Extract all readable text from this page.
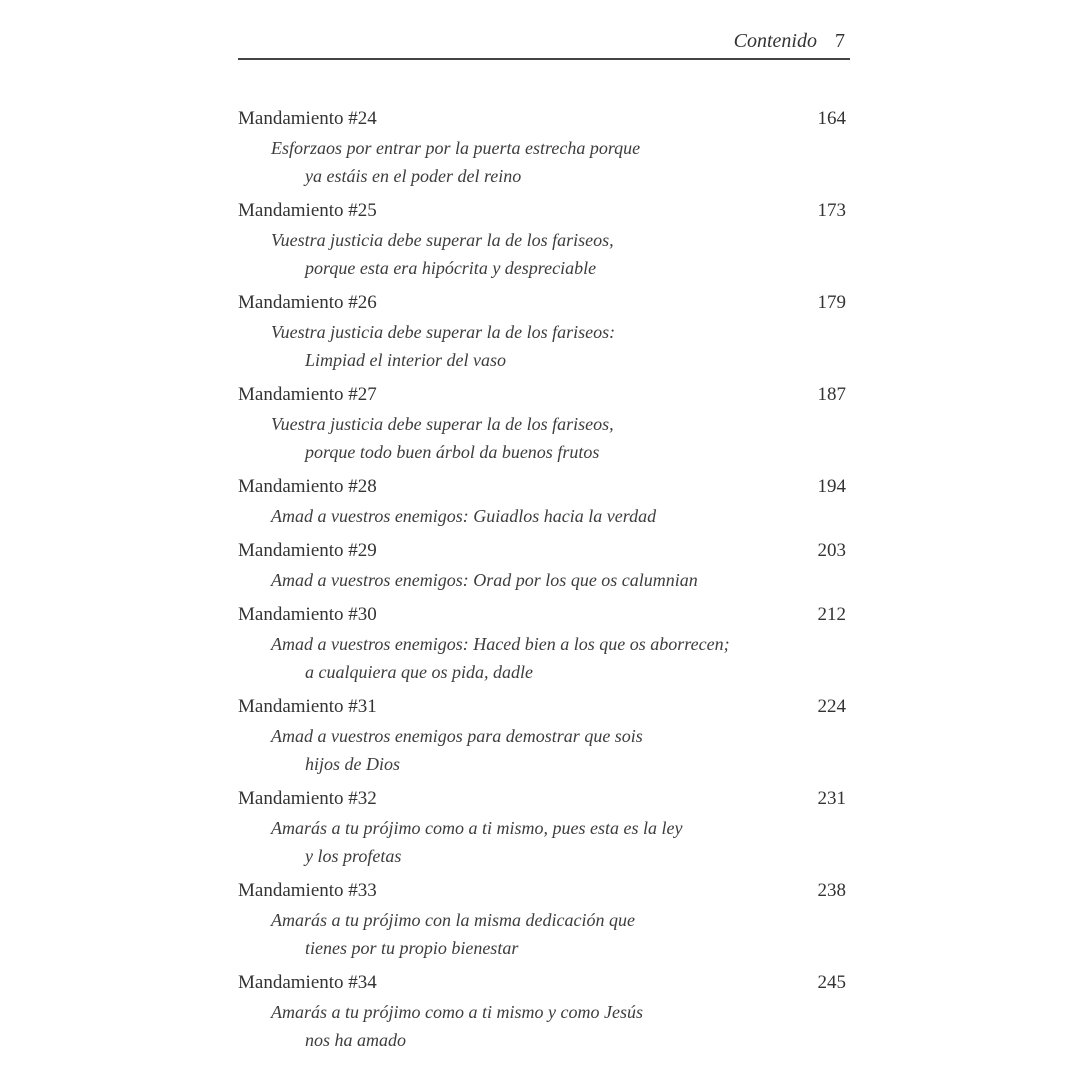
Contenido 7
Mandamiento #24	164
Esforzaos por entrar por la puerta estrecha porque
ya estáis en el poder del reino
Mandamiento #25	173
Vuestra justicia debe superar la de los fariseos,
porque esta era hipócrita y despreciable
Mandamiento #26	179
Vuestra justicia debe superar la de los fariseos:
Limpiad el interior del vaso
Mandamiento #27	187
Vuestra justicia debe superar la de los fariseos,
porque todo buen árbol da buenos frutos
Mandamiento #28	194
Amad a vuestros enemigos: Guiadlos hacia la verdad
Mandamiento #29	203
Amad a vuestros enemigos: Orad por los que os calumnian
Mandamiento #30	212
Amad a vuestros enemigos: Haced bien a los que os aborrecen;
a cualquiera que os pida, dadle
Mandamiento #31	224
Amad a vuestros enemigos para demostrar que sois
hijos de Dios
Mandamiento #32	231
Amarás a tu prójimo como a ti mismo, pues esta es la ley
y los profetas
Mandamiento #33	238
Amarás a tu prójimo con la misma dedicación que
tienes por tu propio bienestar
Mandamiento #34	245
Amarás a tu prójimo como a ti mismo y como Jesús
nos ha amado
